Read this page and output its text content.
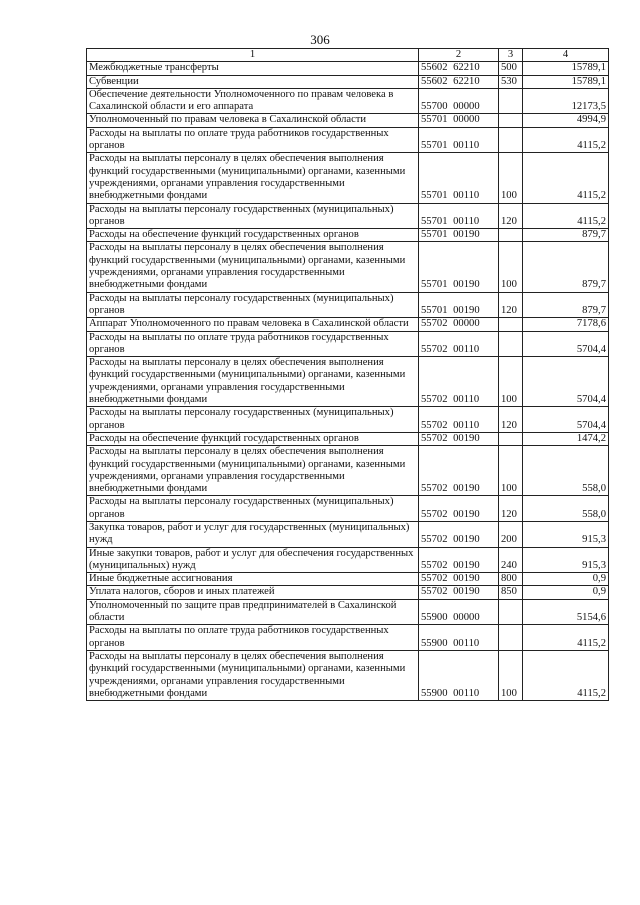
306
1	2	3	4
Межбюджетные трансферты	55602 62210	500	15789,1
Субвенции	55602 62210	530	15789,1
Обеспечение деятельности Уполномоченного по правам человека в Сахалинской области и его аппарата	55700 00000		12173,5
Уполномоченный по правам человека в Сахалинской области	55701 00000		4994,9
Расходы на выплаты по оплате труда работников государственных органов	55701 00110		4115,2
Расходы на выплаты персоналу в целях обеспечения выполнения функций государственными (муниципальными) органами, казенными учреждениями, органами управления государственными внебюджетными фондами	55701 00110	100	4115,2
Расходы на выплаты персоналу государственных (муниципальных) органов	55701 00110	120	4115,2
Расходы на обеспечение функций государственных органов	55701 00190		879,7
Расходы на выплаты персоналу в целях обеспечения выполнения функций государственными (муниципальными) органами, казенными учреждениями, органами управления государственными внебюджетными фондами	55701 00190	100	879,7
Расходы на выплаты персоналу государственных (муниципальных) органов	55701 00190	120	879,7
Аппарат Уполномоченного по правам человека в Сахалинской области	55702 00000		7178,6
Расходы на выплаты по оплате труда работников государственных органов	55702 00110		5704,4
Расходы на выплаты персоналу в целях обеспечения выполнения функций государственными (муниципальными) органами, казенными учреждениями, органами управления государственными внебюджетными фондами	55702 00110	100	5704,4
Расходы на выплаты персоналу государственных (муниципальных) органов	55702 00110	120	5704,4
Расходы на обеспечение функций государственных органов	55702 00190		1474,2
Расходы на выплаты персоналу в целях обеспечения выполнения функций государственными (муниципальными) органами, казенными учреждениями, органами управления государственными внебюджетными фондами	55702 00190	100	558,0
Расходы на выплаты персоналу государственных (муниципальных) органов	55702 00190	120	558,0
Закупка товаров, работ и услуг для государственных (муниципальных) нужд	55702 00190	200	915,3
Иные закупки товаров, работ и услуг для обеспечения государственных (муниципальных) нужд	55702 00190	240	915,3
Иные бюджетные ассигнования	55702 00190	800	0,9
Уплата налогов, сборов и иных платежей	55702 00190	850	0,9
Уполномоченный по защите прав предпринимателей в Сахалинской области	55900 00000		5154,6
Расходы на выплаты по оплате труда работников государственных органов	55900 00110		4115,2
Расходы на выплаты персоналу в целях обеспечения выполнения функций государственными (муниципальными) органами, казенными учреждениями, органами управления государственными внебюджетными фондами	55900 00110	100	4115,2
